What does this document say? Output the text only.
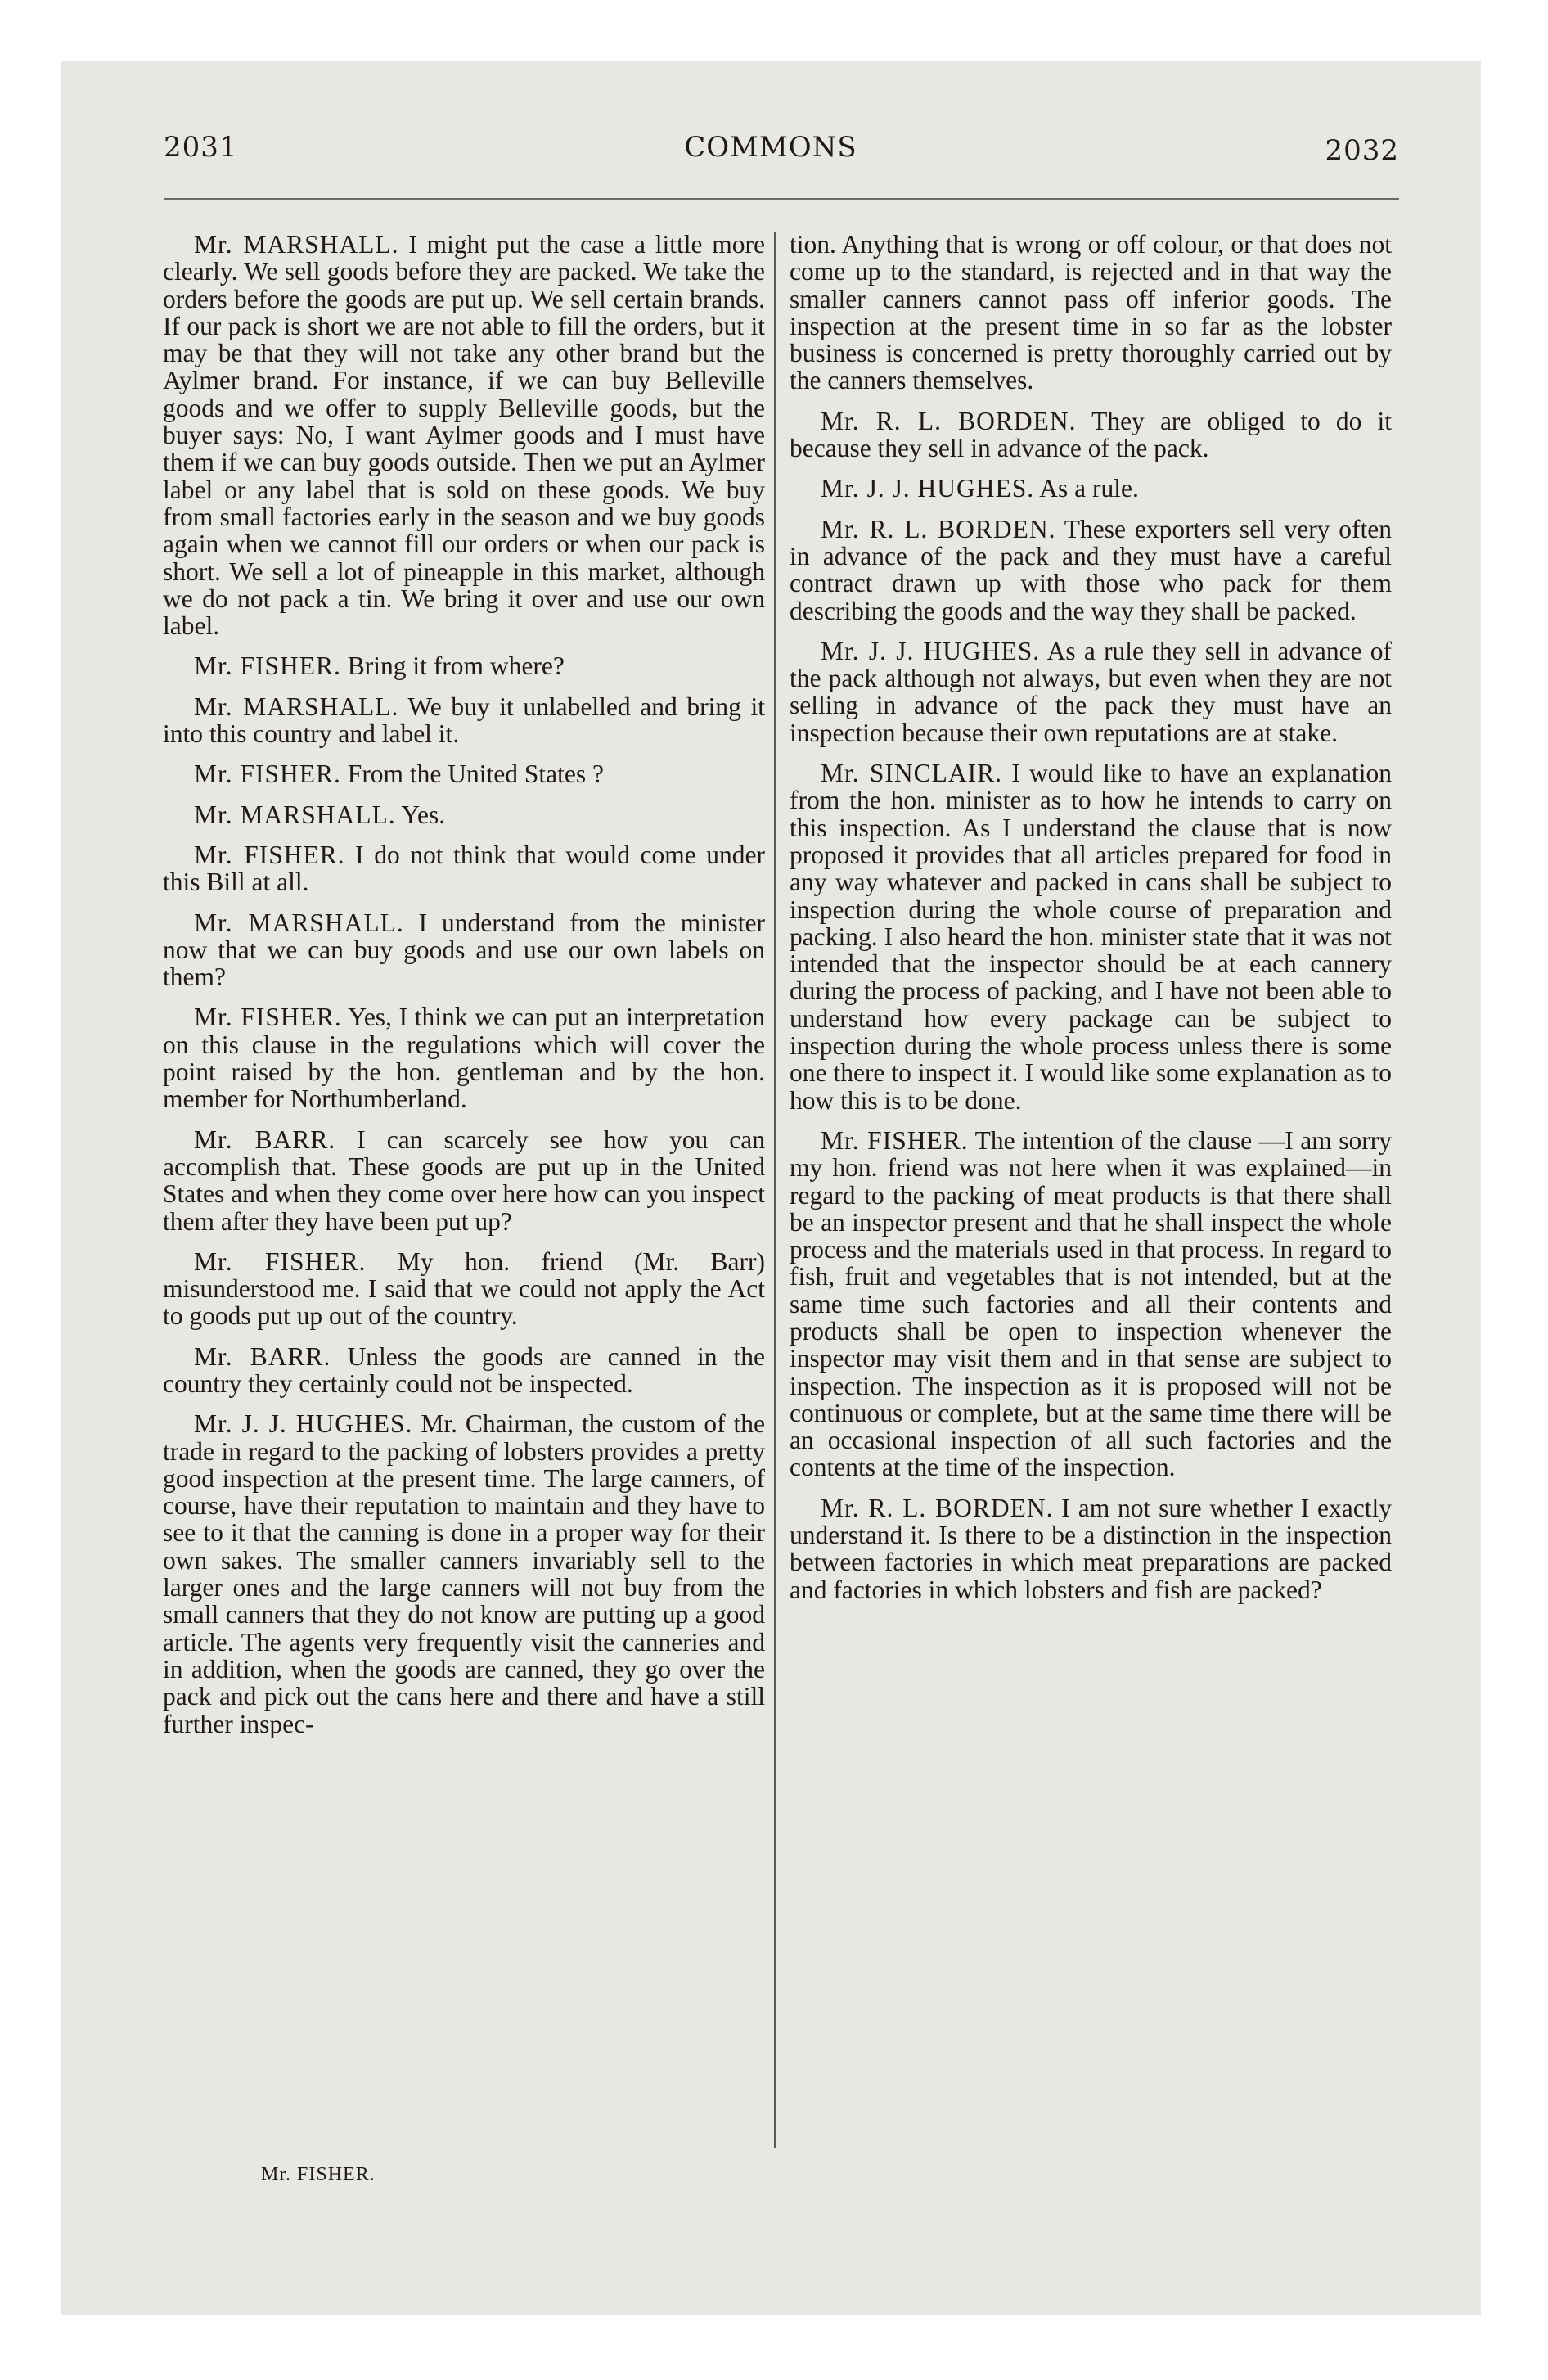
2031	COMMONS	2032

Mr. MARSHALL. I might put the case a little more clearly. We sell goods before they are packed. We take the orders before the goods are put up. We sell certain brands. If our pack is short we are not able to fill the orders, but it may be that they will not take any other brand but the Aylmer brand. For instance, if we can buy Belleville goods and we offer to supply Belleville goods, but the buyer says: No, I want Aylmer goods and I must have them if we can buy goods outside. Then we put an Aylmer label or any label that is sold on these goods. We buy from small factories early in the season and we buy goods again when we cannot fill our orders or when our pack is short. We sell a lot of pineapple in this market, although we do not pack a tin. We bring it over and use our own label.

Mr. FISHER. Bring it from where?

Mr. MARSHALL. We buy it unlabelled and bring it into this country and label it.

Mr. FISHER. From the United States ?

Mr. MARSHALL. Yes.

Mr. FISHER. I do not think that would come under this Bill at all.

Mr. MARSHALL. I understand from the minister now that we can buy goods and use our own labels on them?

Mr. FISHER. Yes, I think we can put an interpretation on this clause in the regulations which will cover the point raised by the hon. gentleman and by the hon. member for Northumberland.

Mr. BARR. I can scarcely see how you can accomplish that. These goods are put up in the United States and when they come over here how can you inspect them after they have been put up?

Mr. FISHER. My hon. friend (Mr. Barr) misunderstood me. I said that we could not apply the Act to goods put up out of the country.

Mr. BARR. Unless the goods are canned in the country they certainly could not be inspected.

Mr. J. J. HUGHES. Mr. Chairman, the custom of the trade in regard to the packing of lobsters provides a pretty good inspection at the present time. The large canners, of course, have their reputation to maintain and they have to see to it that the canning is done in a proper way for their own sakes. The smaller canners invariably sell to the larger ones and the large canners will not buy from the small canners that they do not know are putting up a good article. The agents very frequently visit the canneries and in addition, when the goods are canned, they go over the pack and pick out the cans here and there and have a still further inspec-

tion. Anything that is wrong or off colour, or that does not come up to the standard, is rejected and in that way the smaller canners cannot pass off inferior goods. The inspection at the present time in so far as the lobster business is concerned is pretty thoroughly carried out by the canners themselves.

Mr. R. L. BORDEN. They are obliged to do it because they sell in advance of the pack.

Mr. J. J. HUGHES. As a rule.

Mr. R. L. BORDEN. These exporters sell very often in advance of the pack and they must have a careful contract drawn up with those who pack for them describing the goods and the way they shall be packed.

Mr. J. J. HUGHES. As a rule they sell in advance of the pack although not always, but even when they are not selling in advance of the pack they must have an inspection because their own reputations are at stake.

Mr. SINCLAIR. I would like to have an explanation from the hon. minister as to how he intends to carry on this inspection. As I understand the clause that is now proposed it provides that all articles prepared for food in any way whatever and packed in cans shall be subject to inspection during the whole course of preparation and packing. I also heard the hon. minister state that it was not intended that the inspector should be at each cannery during the process of packing, and I have not been able to understand how every package can be subject to inspection during the whole process unless there is some one there to inspect it. I would like some explanation as to how this is to be done.

Mr. FISHER. The intention of the clause —I am sorry my hon. friend was not here when it was explained—in regard to the packing of meat products is that there shall be an inspector present and that he shall inspect the whole process and the materials used in that process. In regard to fish, fruit and vegetables that is not intended, but at the same time such factories and all their contents and products shall be open to inspection whenever the inspector may visit them and in that sense are subject to inspection. The inspection as it is proposed will not be continuous or complete, but at the same time there will be an occasional inspection of all such factories and the contents at the time of the inspection.

Mr. R. L. BORDEN. I am not sure whether I exactly understand it. Is there to be a distinction in the inspection between factories in which meat preparations are packed and factories in which lobsters and fish are packed?

Mr. FISHER.
